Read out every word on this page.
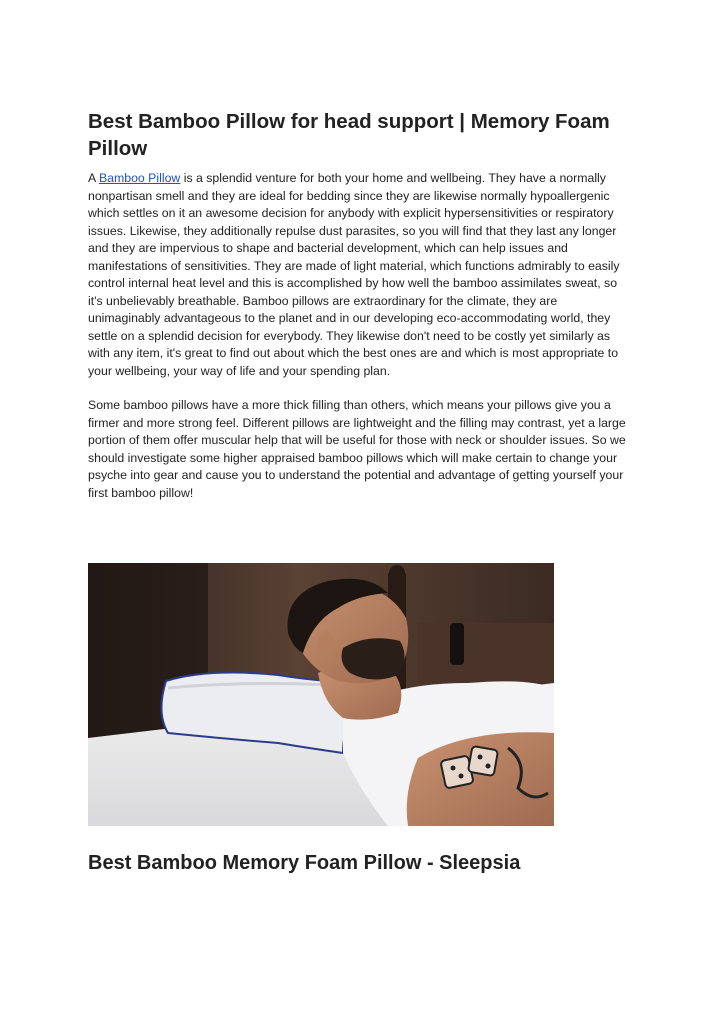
Best Bamboo Pillow for head support | Memory Foam Pillow

A Bamboo Pillow is a splendid venture for both your home and wellbeing. They have a normally nonpartisan smell and they are ideal for bedding since they are likewise normally hypoallergenic which settles on it an awesome decision for anybody with explicit hypersensitivities or respiratory issues. Likewise, they additionally repulse dust parasites, so you will find that they last any longer and they are impervious to shape and bacterial development, which can help issues and manifestations of sensitivities. They are made of light material, which functions admirably to easily control internal heat level and this is accomplished by how well the bamboo assimilates sweat, so it's unbelievably breathable. Bamboo pillows are extraordinary for the climate, they are unimaginably advantageous to the planet and in our developing eco-accommodating world, they settle on a splendid decision for everybody. They likewise don't need to be costly yet similarly as with any item, it's great to find out about which the best ones are and which is most appropriate to your wellbeing, your way of life and your spending plan.

Some bamboo pillows have a more thick filling than others, which means your pillows give you a firmer and more strong feel. Different pillows are lightweight and the filling may contrast, yet a large portion of them offer muscular help that will be useful for those with neck or shoulder issues. So we should investigate some higher appraised bamboo pillows which will make certain to change your psyche into gear and cause you to understand the potential and advantage of getting yourself your first bamboo pillow!

Best Bamboo Memory Foam Pillow - Sleepsia
